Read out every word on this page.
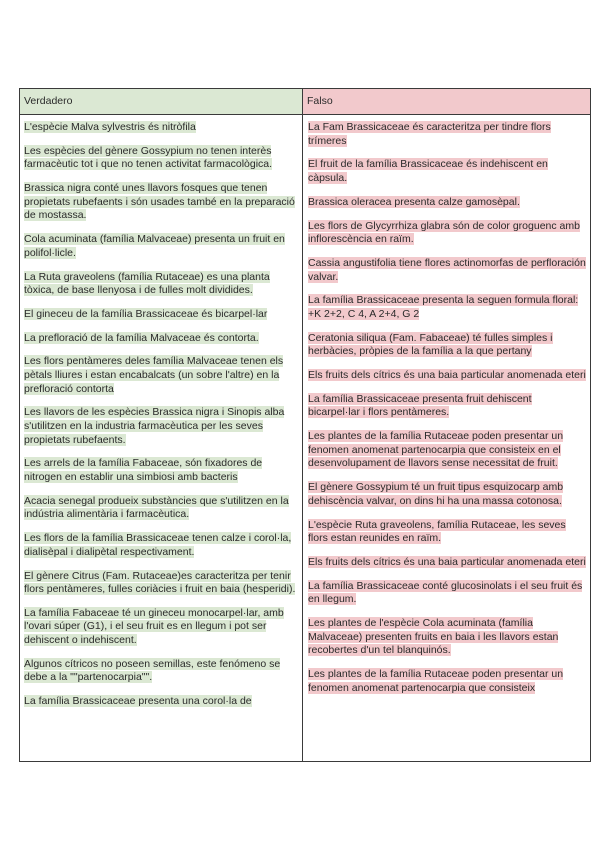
Verdadero	Falso

L'espècie Malva sylvestris és nitròfila

Les espècies del gènere Gossypium no tenen interès farmacèutic tot i que no tenen activitat farmacològica.

Brassica nigra conté unes llavors fosques que tenen propietats rubefaents i són usades també en la preparació de mostassa.

Cola acuminata (família Malvaceae) presenta un fruit en polifol·licle.

La Ruta graveolens (família Rutaceae) es una planta tòxica, de base llenyosa i de fulles molt dividides.

El gineceu de la família Brassicaceae és bicarpel·lar

La prefloració de la família Malvaceae és contorta.

Les flors pentàmeres deles família Malvaceae tenen els pètals lliures i estan encabalcats (un sobre l'altre) en la prefloració contorta

Les llavors de les espècies Brassica nigra i Sinopis alba s'utilitzen en la industria farmacèutica per les seves propietats rubefaents.

Les arrels de la família Fabaceae, són fixadores de nitrogen en establir una simbiosi amb bacteris

Acacia senegal produeix substàncies que s'utilitzen en la indústria alimentària i farmacèutica.

Les flors de la família Brassicaceae tenen calze i corol·la, dialisèpal i dialipètal respectivament.

El gènere Citrus (Fam. Rutaceae)es caracteritza per tenir flors pentàmeres, fulles coriàcies i fruit en baia (hesperidi).

La família Fabaceae té un gineceu monocarpel·lar, amb l'ovari súper (G1), i el seu fruit es en llegum i pot ser dehiscent o indehiscent.

Algunos cítricos no poseen semillas, este fenómeno se debe a la ""partenocarpia"".

La família Brassicaceae presenta una corol·la de

La Fam Brassicaceae és caracteritza per tindre flors trímeres

El fruit de la família Brassicaceae és indehiscent en càpsula.

Brassica oleracea presenta calze gamosèpal.

Les flors de Glycyrrhiza glabra són de color groguenc amb inflorescència en raïm.

Cassia angustifolia tiene flores actinomorfas de perfloración valvar.

La família Brassicaceae presenta la seguen formula floral: +K 2+2, C 4, A 2+4, G 2

Ceratonia siliqua (Fam. Fabaceae) té fulles simples i herbàcies, pròpies de la família a la que pertany

Els fruits dels cítrics és una baia particular anomenada eteri

La família Brassicaceae presenta fruit dehiscent bicarpel·lar i flors pentàmeres.

Les plantes de la família Rutaceae poden presentar un fenomen anomenat partenocarpia que consisteix en el desenvolupament de llavors sense necessitat de fruit.

El gènere Gossypium té un fruit tipus esquizocarp amb dehiscència valvar, on dins hi ha una massa cotonosa.

L'espècie Ruta graveolens, família Rutaceae, les seves flors estan reunides en raïm.

Els fruits dels cítrics és una baia particular anomenada eteri

La família Brassicaceae conté glucosinolats i el seu fruit és en llegum.

Les plantes de l'espècie Cola acuminata (família Malvaceae) presenten fruits en baia i les llavors estan recobertes d'un tel blanquinós.

Les plantes de la família Rutaceae poden presentar un fenomen anomenat partenocarpia que consisteix
